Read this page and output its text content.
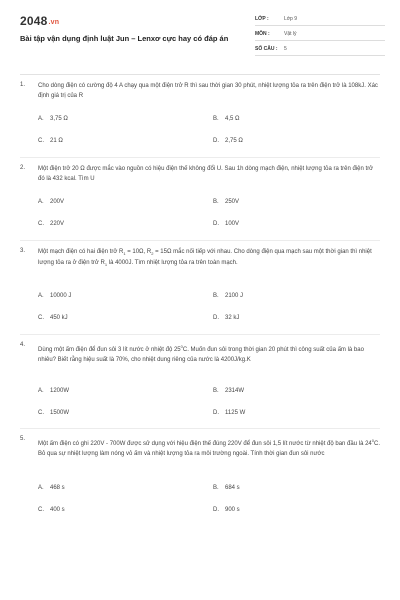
2048.vn
Bài tập vận dụng định luật Jun – Lenxơ cực hay có đáp án
LỚP :	Lớp 9
MÔN :	Vật lý
SỐ CÂU : 5
1. Cho dòng điện có cường độ 4 A chạy qua một điện trở R thì sau thời gian 30 phút, nhiệt lượng tỏa ra trên điện trở là 108kJ. Xác định giá trị của R
A. 3,75 Ω	B. 4,5 Ω
C. 21 Ω	D. 2,75 Ω
2. Một điện trở 20 Ω được mắc vào nguồn có hiệu điện thế không đổi U. Sau 1h dòng mạch điện, nhiệt lượng tỏa ra trên điện trở đó là 432 kcal. Tìm U
A. 200V	B. 250V
C. 220V	D. 100V
3. Một mạch điện có hai điện trở $R_1 = 10\Omega$, $R_2 = 15\Omega$ mắc nối tiếp với nhau. Cho dòng điện qua mạch sau một thời gian thì nhiệt lượng tỏa ra ở điện trở $R_1$ là 4000J. Tìm nhiệt lượng tỏa ra trên toàn mạch.
A. 10000 J	B. 2100 J
C. 450 kJ	D. 32 kJ
4.
Dùng một ấm điện để đun sôi 3 lít nước ở nhiệt độ $25^0C$. Muốn đun sôi trong thời gian 20 phút thì công suất của ấm là bao nhiêu? Biết rằng hiệu suất là 70%, cho nhiệt dung riêng của nước là 4200J/kg.K
A. 1200W	B. 2314W
C. 1500W	D. 1125 W
5.
Một ấm điện có ghi 220V - 700W được sử dụng với hiệu điện thế đúng 220V để đun sôi 1,5 lít nước từ nhiệt độ ban đầu là $24^0C$. Bỏ qua sự nhiệt lượng làm nóng vỏ ấm và nhiệt lượng tỏa ra môi trường ngoài. Tính thời gian đun sôi nước
A. 468 s	B. 684 s
C. 400 s	D. 900 s
